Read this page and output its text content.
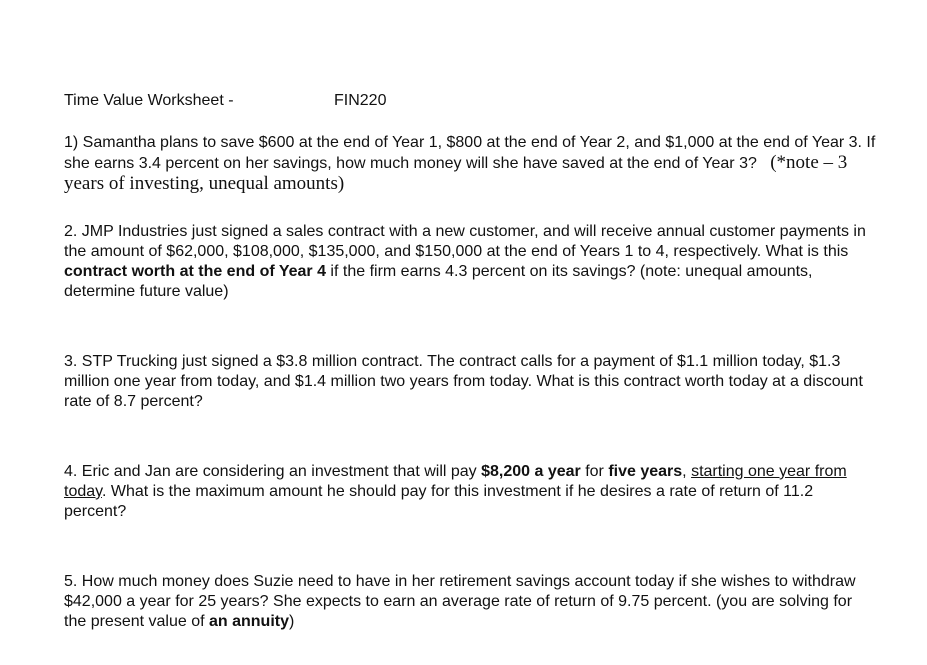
Time Value Worksheet -	FIN220
1) Samantha plans to save $600 at the end of Year 1, $800 at the end of Year 2, and $1,000 at the end of Year 3. If she earns 3.4 percent on her savings, how much money will she have saved at the end of Year 3? (*note – 3 years of investing, unequal amounts)
2. JMP Industries just signed a sales contract with a new customer, and will receive annual customer payments in the amount of $62,000, $108,000, $135,000, and $150,000 at the end of Years 1 to 4, respectively. What is this contract worth at the end of Year 4 if the firm earns 4.3 percent on its savings? (note: unequal amounts, determine future value)
3. STP Trucking just signed a $3.8 million contract. The contract calls for a payment of $1.1 million today, $1.3 million one year from today, and $1.4 million two years from today. What is this contract worth today at a discount rate of 8.7 percent?
4. Eric and Jan are considering an investment that will pay $8,200 a year for five years, starting one year from today. What is the maximum amount he should pay for this investment if he desires a rate of return of 11.2 percent?
5. How much money does Suzie need to have in her retirement savings account today if she wishes to withdraw $42,000 a year for 25 years? She expects to earn an average rate of return of 9.75 percent. (you are solving for the present value of an annuity)
